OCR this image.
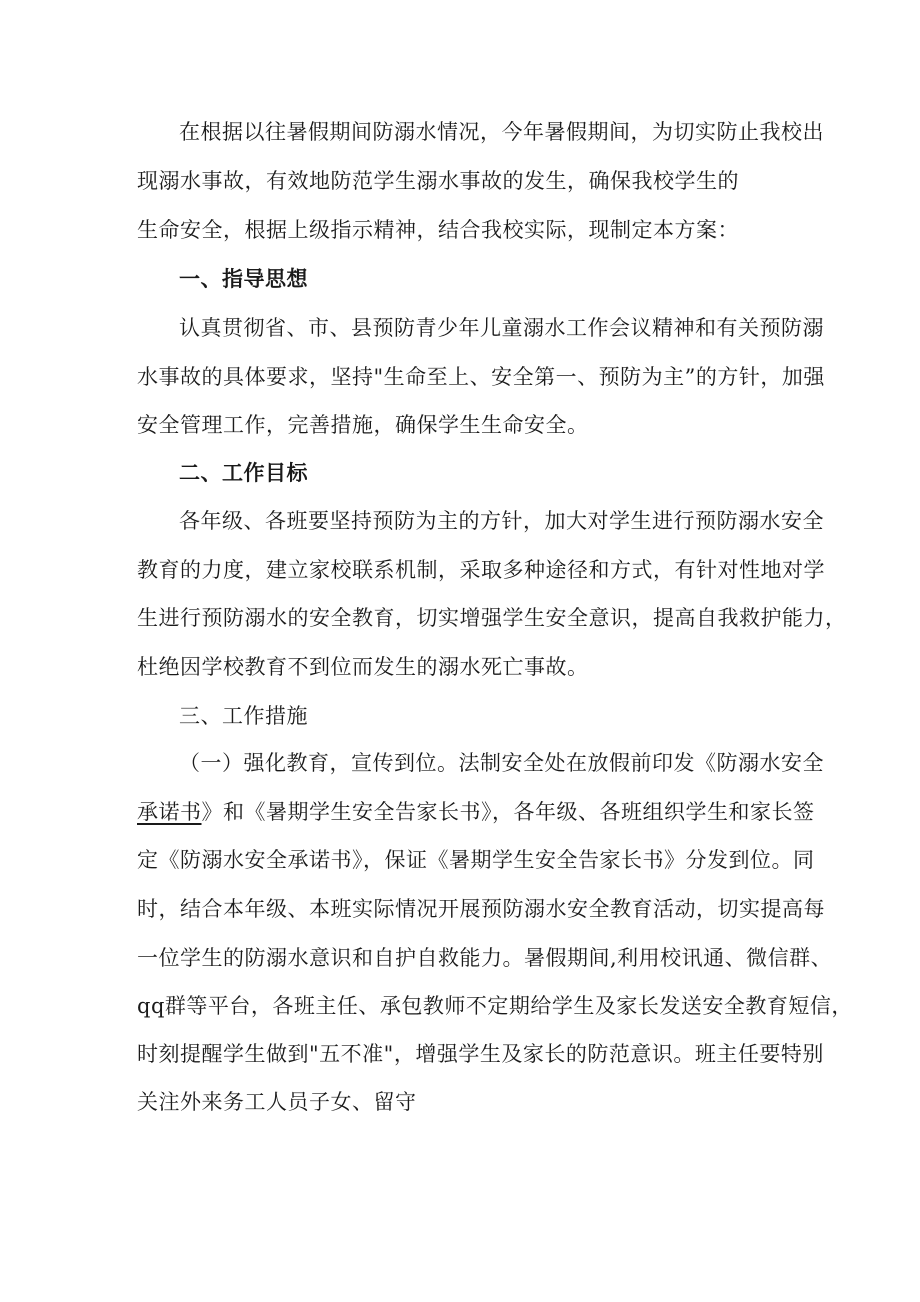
在根据以往暑假期间防溺水情况，今年暑假期间，为切实防止我校出
现溺水事故，有效地防范学生溺水事故的发生，确保我校学生的
生命安全，根据上级指示精神，结合我校实际，现制定本方案：
一、指导思想
认真贯彻省、市、县预防青少年儿童溺水工作会议精神和有关预防溺
水事故的具体要求，坚持"生命至上、安全第一、预防为主”的方针，加强
安全管理工作，完善措施，确保学生生命安全。
二、工作目标
各年级、各班要坚持预防为主的方针，加大对学生进行预防溺水安全
教育的力度，建立家校联系机制，采取多种途径和方式，有针对性地对学
生进行预防溺水的安全教育，切实增强学生安全意识，提高自我救护能力，
杜绝因学校教育不到位而发生的溺水死亡事故。
三、工作措施
（一）强化教育，宣传到位。法制安全处在放假前印发《防溺水安全
承诺书》和《暑期学生安全告家长书》，各年级、各班组织学生和家长签
定《防溺水安全承诺书》，保证《暑期学生安全告家长书》分发到位。同
时，结合本年级、本班实际情况开展预防溺水安全教育活动，切实提高每
一位学生的防溺水意识和自护自救能力。暑假期间,利用校讯通、微信群、
qq群等平台，各班主任、承包教师不定期给学生及家长发送安全教育短信，
时刻提醒学生做到"五不准"，增强学生及家长的防范意识。班主任要特别
关注外来务工人员子女、留守
